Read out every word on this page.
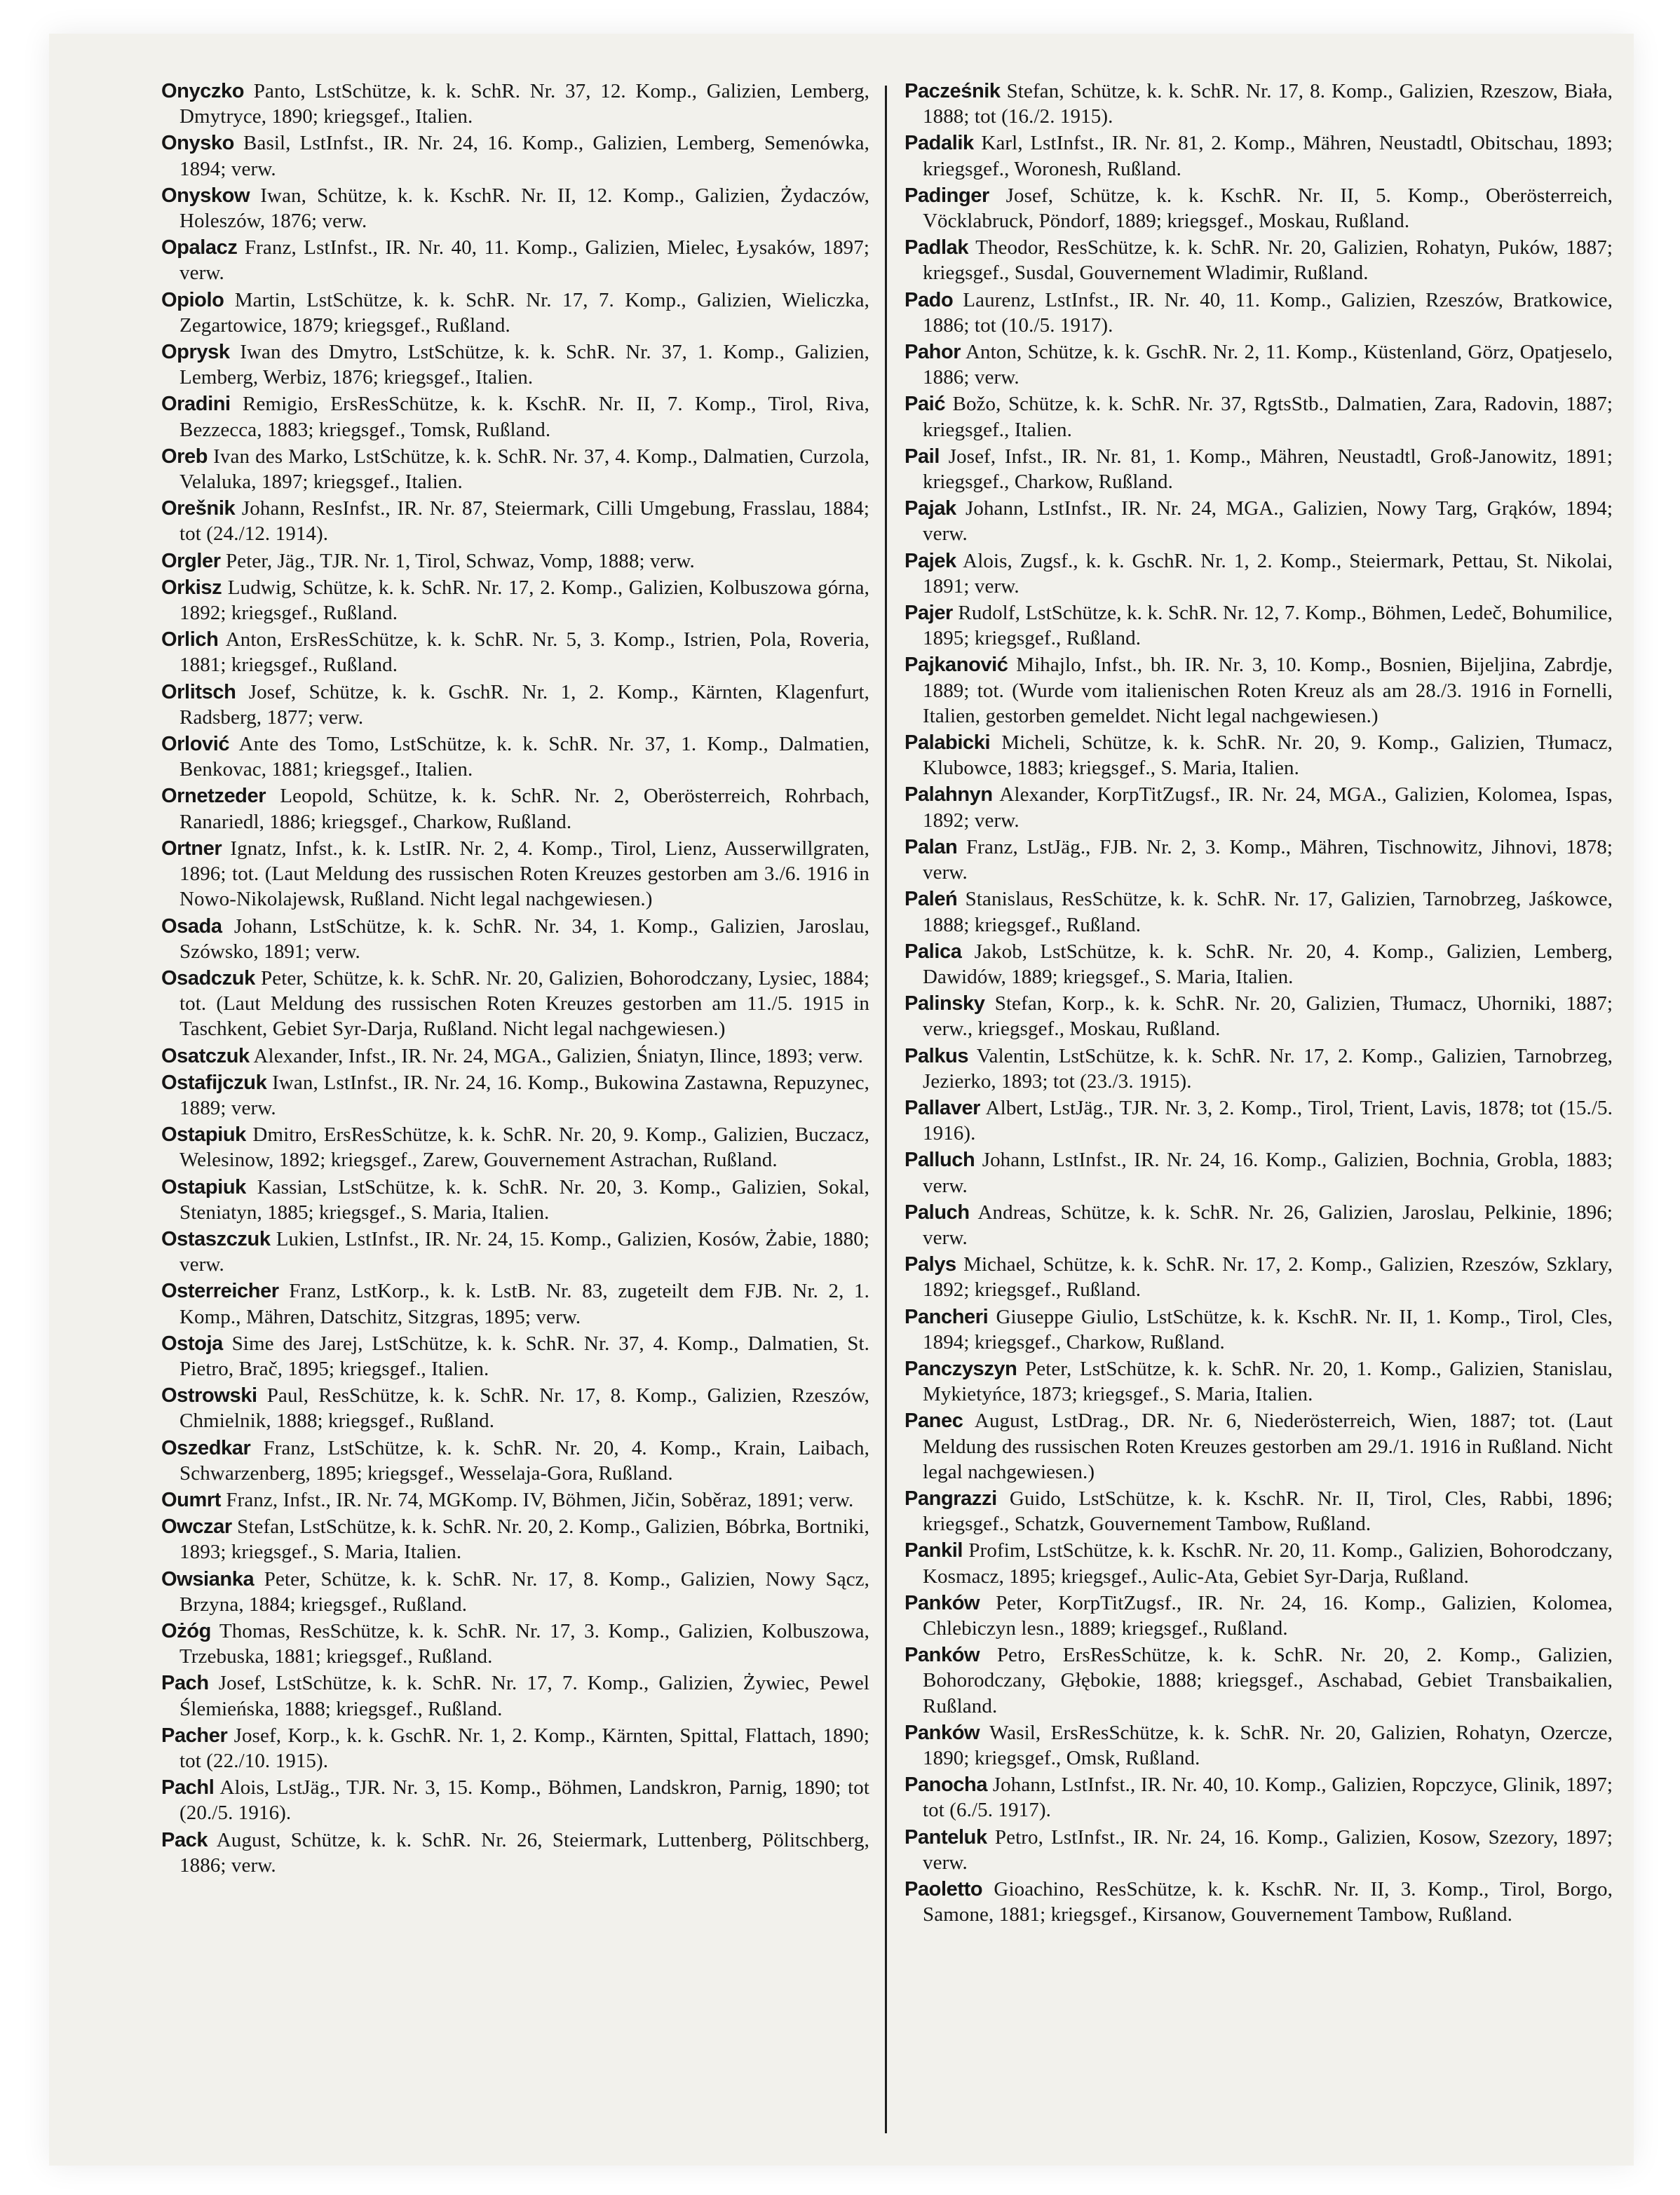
Onyczko Panto, LstSchütze, k. k. SchR. Nr. 37, 12. Komp., Galizien, Lemberg, Dmytryce, 1890; kriegsgef., Italien.

Onysko Basil, LstInfst., IR. Nr. 24, 16. Komp., Galizien, Lemberg, Semenówka, 1894; verw.

Onyskow Iwan, Schütze, k. k. KschR. Nr. II, 12. Komp., Galizien, Żydaczów, Holeszów, 1876; verw.

Opalacz Franz, LstInfst., IR. Nr. 40, 11. Komp., Galizien, Mielec, Łysaków, 1897; verw.

Opiolo Martin, LstSchütze, k. k. SchR. Nr. 17, 7. Komp., Galizien, Wieliczka, Zegartowice, 1879; kriegsgef., Rußland.

Oprysk Iwan des Dmytro, LstSchütze, k. k. SchR. Nr. 37, 1. Komp., Galizien, Lemberg, Werbiz, 1876; kriegsgef., Italien.

Oradini Remigio, ErsResSchütze, k. k. KschR. Nr. II, 7. Komp., Tirol, Riva, Bezzecca, 1883; kriegsgef., Tomsk, Rußland.

Oreb Ivan des Marko, LstSchütze, k. k. SchR. Nr. 37, 4. Komp., Dalmatien, Curzola, Velaluka, 1897; kriegsgef., Italien.

Orešnik Johann, ResInfst., IR. Nr. 87, Steiermark, Cilli Umgebung, Frasslau, 1884; tot (24./12. 1914).

Orgler Peter, Jäg., TJR. Nr. 1, Tirol, Schwaz, Vomp, 1888; verw.

Orkisz Ludwig, Schütze, k. k. SchR. Nr. 17, 2. Komp., Galizien, Kolbuszowa górna, 1892; kriegsgef., Rußland.

Orlich Anton, ErsResSchütze, k. k. SchR. Nr. 5, 3. Komp., Istrien, Pola, Roveria, 1881; kriegsgef., Rußland.

Orlitsch Josef, Schütze, k. k. GschR. Nr. 1, 2. Komp., Kärnten, Klagenfurt, Radsberg, 1877; verw.

Orlović Ante des Tomo, LstSchütze, k. k. SchR. Nr. 37, 1. Komp., Dalmatien, Benkovac, 1881; kriegsgef., Italien.

Ornetzeder Leopold, Schütze, k. k. SchR. Nr. 2, Oberösterreich, Rohrbach, Ranariedl, 1886; kriegsgef., Charkow, Rußland.

Ortner Ignatz, Infst., k. k. LstIR. Nr. 2, 4. Komp., Tirol, Lienz, Ausserwillgraten, 1896; tot. (Laut Meldung des russischen Roten Kreuzes gestorben am 3./6. 1916 in Nowo-Nikolajewsk, Rußland. Nicht legal nachgewiesen.)

Osada Johann, LstSchütze, k. k. SchR. Nr. 34, 1. Komp., Galizien, Jaroslau, Szówsko, 1891; verw.

Osadczuk Peter, Schütze, k. k. SchR. Nr. 20, Galizien, Bohorodczany, Lysiec, 1884; tot. (Laut Meldung des russischen Roten Kreuzes gestorben am 11./5. 1915 in Taschkent, Gebiet Syr-Darja, Rußland. Nicht legal nachgewiesen.)

Osatczuk Alexander, Infst., IR. Nr. 24, MGA., Galizien, Śniatyn, Ilince, 1893; verw.

Ostafijczuk Iwan, LstInfst., IR. Nr. 24, 16. Komp., Bukowina Zastawna, Repuzynec, 1889; verw.

Ostapiuk Dmitro, ErsResSchütze, k. k. SchR. Nr. 20, 9. Komp., Galizien, Buczacz, Welesinow, 1892; kriegsgef., Zarew, Gouvernement Astrachan, Rußland.

Ostapiuk Kassian, LstSchütze, k. k. SchR. Nr. 20, 3. Komp., Galizien, Sokal, Steniatyn, 1885; kriegsgef., S. Maria, Italien.

Ostaszczuk Lukien, LstInfst., IR. Nr. 24, 15. Komp., Galizien, Kosów, Żabie, 1880; verw.

Osterreicher Franz, LstKorp., k. k. LstB. Nr. 83, zugeteilt dem FJB. Nr. 2, 1. Komp., Mähren, Datschitz, Sitzgras, 1895; verw.

Ostoja Sime des Jarej, LstSchütze, k. k. SchR. Nr. 37, 4. Komp., Dalmatien, St. Pietro, Brač, 1895; kriegsgef., Italien.

Ostrowski Paul, ResSchütze, k. k. SchR. Nr. 17, 8. Komp., Galizien, Rzeszów, Chmielnik, 1888; kriegsgef., Rußland.

Oszedkar Franz, LstSchütze, k. k. SchR. Nr. 20, 4. Komp., Krain, Laibach, Schwarzenberg, 1895; kriegsgef., Wesselaja-Gora, Rußland.

Oumrt Franz, Infst., IR. Nr. 74, MGKomp. IV, Böhmen, Jičin, Soběraz, 1891; verw.

Owczar Stefan, LstSchütze, k. k. SchR. Nr. 20, 2. Komp., Galizien, Bóbrka, Bortniki, 1893; kriegsgef., S. Maria, Italien.

Owsianka Peter, Schütze, k. k. SchR. Nr. 17, 8. Komp., Galizien, Nowy Sącz, Brzyna, 1884; kriegsgef., Rußland.

Ożóg Thomas, ResSchütze, k. k. SchR. Nr. 17, 3. Komp., Galizien, Kolbuszowa, Trzebuska, 1881; kriegsgef., Rußland.

Pach Josef, LstSchütze, k. k. SchR. Nr. 17, 7. Komp., Galizien, Żywiec, Pewel Ślemieńska, 1888; kriegsgef., Rußland.

Pacher Josef, Korp., k. k. GschR. Nr. 1, 2. Komp., Kärnten, Spittal, Flattach, 1890; tot (22./10. 1915).

Pachl Alois, LstJäg., TJR. Nr. 3, 15. Komp., Böhmen, Landskron, Parnig, 1890; tot (20./5. 1916).

Pack August, Schütze, k. k. SchR. Nr. 26, Steiermark, Luttenberg, Pölitschberg, 1886; verw.

Pacześnik Stefan, Schütze, k. k. SchR. Nr. 17, 8. Komp., Galizien, Rzeszow, Biała, 1888; tot (16./2. 1915).

Padalik Karl, LstInfst., IR. Nr. 81, 2. Komp., Mähren, Neustadtl, Obitschau, 1893; kriegsgef., Woronesh, Rußland.

Padinger Josef, Schütze, k. k. KschR. Nr. II, 5. Komp., Oberösterreich, Vöcklabruck, Pöndorf, 1889; kriegsgef., Moskau, Rußland.

Padlak Theodor, ResSchütze, k. k. SchR. Nr. 20, Galizien, Rohatyn, Puków, 1887; kriegsgef., Susdal, Gouvernement Wladimir, Rußland.

Pado Laurenz, LstInfst., IR. Nr. 40, 11. Komp., Galizien, Rzeszów, Bratkowice, 1886; tot (10./5. 1917).

Pahor Anton, Schütze, k. k. GschR. Nr. 2, 11. Komp., Küstenland, Görz, Opatjeselo, 1886; verw.

Paić Božo, Schütze, k. k. SchR. Nr. 37, RgtsStb., Dalmatien, Zara, Radovin, 1887; kriegsgef., Italien.

Pail Josef, Infst., IR. Nr. 81, 1. Komp., Mähren, Neustadtl, Groß-Janowitz, 1891; kriegsgef., Charkow, Rußland.

Pajak Johann, LstInfst., IR. Nr. 24, MGA., Galizien, Nowy Targ, Grąków, 1894; verw.

Pajek Alois, Zugsf., k. k. GschR. Nr. 1, 2. Komp., Steiermark, Pettau, St. Nikolai, 1891; verw.

Pajer Rudolf, LstSchütze, k. k. SchR. Nr. 12, 7. Komp., Böhmen, Ledeč, Bohumilice, 1895; kriegsgef., Rußland.

Pajkanović Mihajlo, Infst., bh. IR. Nr. 3, 10. Komp., Bosnien, Bijeljina, Zabrdje, 1889; tot. (Wurde vom italienischen Roten Kreuz als am 28./3. 1916 in Fornelli, Italien, gestorben gemeldet. Nicht legal nachgewiesen.)

Palabicki Micheli, Schütze, k. k. SchR. Nr. 20, 9. Komp., Galizien, Tłumacz, Klubowce, 1883; kriegsgef., S. Maria, Italien.

Palahnyn Alexander, KorpTitZugsf., IR. Nr. 24, MGA., Galizien, Kolomea, Ispas, 1892; verw.

Palan Franz, LstJäg., FJB. Nr. 2, 3. Komp., Mähren, Tischnowitz, Jihnovi, 1878; verw.

Paleń Stanislaus, ResSchütze, k. k. SchR. Nr. 17, Galizien, Tarnobrzeg, Jaśkowce, 1888; kriegsgef., Rußland.

Palica Jakob, LstSchütze, k. k. SchR. Nr. 20, 4. Komp., Galizien, Lemberg, Dawidów, 1889; kriegsgef., S. Maria, Italien.

Palinsky Stefan, Korp., k. k. SchR. Nr. 20, Galizien, Tłumacz, Uhorniki, 1887; verw., kriegsgef., Moskau, Rußland.

Palkus Valentin, LstSchütze, k. k. SchR. Nr. 17, 2. Komp., Galizien, Tarnobrzeg, Jezierko, 1893; tot (23./3. 1915).

Pallaver Albert, LstJäg., TJR. Nr. 3, 2. Komp., Tirol, Trient, Lavis, 1878; tot (15./5. 1916).

Palluch Johann, LstInfst., IR. Nr. 24, 16. Komp., Galizien, Bochnia, Grobla, 1883; verw.

Paluch Andreas, Schütze, k. k. SchR. Nr. 26, Galizien, Jaroslau, Pelkinie, 1896; verw.

Palys Michael, Schütze, k. k. SchR. Nr. 17, 2. Komp., Galizien, Rzeszów, Szklary, 1892; kriegsgef., Rußland.

Pancheri Giuseppe Giulio, LstSchütze, k. k. KschR. Nr. II, 1. Komp., Tirol, Cles, 1894; kriegsgef., Charkow, Rußland.

Panczyszyn Peter, LstSchütze, k. k. SchR. Nr. 20, 1. Komp., Galizien, Stanislau, Mykietyńce, 1873; kriegsgef., S. Maria, Italien.

Panec August, LstDrag., DR. Nr. 6, Niederösterreich, Wien, 1887; tot. (Laut Meldung des russischen Roten Kreuzes gestorben am 29./1. 1916 in Rußland. Nicht legal nachgewiesen.)

Pangrazzi Guido, LstSchütze, k. k. KschR. Nr. II, Tirol, Cles, Rabbi, 1896; kriegsgef., Schatzk, Gouvernement Tambow, Rußland.

Pankil Profim, LstSchütze, k. k. KschR. Nr. 20, 11. Komp., Galizien, Bohorodczany, Kosmacz, 1895; kriegsgef., Aulic-Ata, Gebiet Syr-Darja, Rußland.

Panków Peter, KorpTitZugsf., IR. Nr. 24, 16. Komp., Galizien, Kolomea, Chlebiczyn lesn., 1889; kriegsgef., Rußland.

Panków Petro, ErsResSchütze, k. k. SchR. Nr. 20, 2. Komp., Galizien, Bohorodczany, Głębokie, 1888; kriegsgef., Aschabad, Gebiet Transbaikalien, Rußland.

Panków Wasil, ErsResSchütze, k. k. SchR. Nr. 20, Galizien, Rohatyn, Ozercze, 1890; kriegsgef., Omsk, Rußland.

Panocha Johann, LstInfst., IR. Nr. 40, 10. Komp., Galizien, Ropczyce, Glinik, 1897; tot (6./5. 1917).

Panteluk Petro, LstInfst., IR. Nr. 24, 16. Komp., Galizien, Kosow, Szezory, 1897; verw.

Paoletto Gioachino, ResSchütze, k. k. KschR. Nr. II, 3. Komp., Tirol, Borgo, Samone, 1881; kriegsgef., Kirsanow, Gouvernement Tambow, Rußland.
